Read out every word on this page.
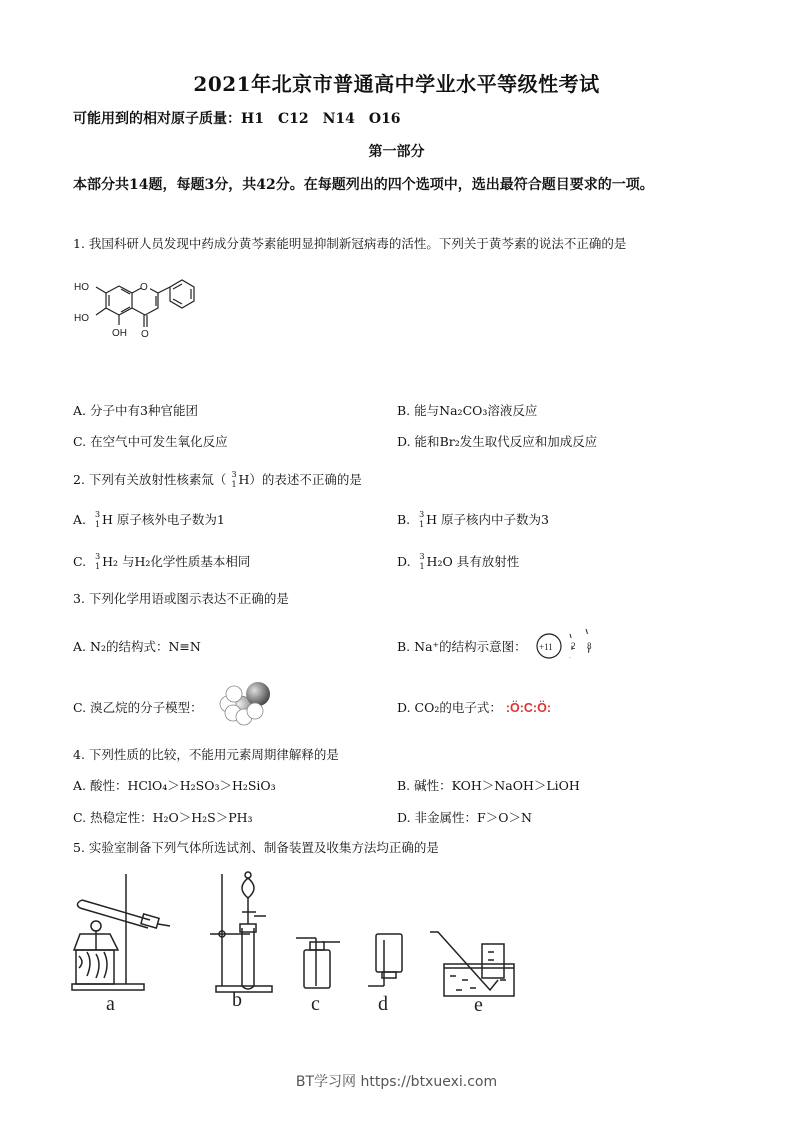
2021年北京市普通高中学业水平等级性考试
可能用到的相对原子质量：H1 C12 N14 O16
第一部分
本部分共14题，每题3分，共42分。在每题列出的四个选项中，选出最符合题目要求的一项。
1. 我国科研人员发现中药成分黄芩素能明显抑制新冠病毒的活性。下列关于黄芩素的说法不正确的是
O
HO
HO
OH O
A. 分子中有3种官能团	B. 能与Na₂CO₃溶液反应
C. 在空气中可发生氧化反应	D. 能和Br₂发生取代反应和加成反应
2. 下列有关放射性核素氚（ 3
1 H）的表述不正确的是
A. 3
1 H 原子核外电子数为1	B. 3
1 H 原子核内中子数为3
C. 3
1 H₂ 与H₂化学性质基本相同	D. 3
1 H₂O 具有放射性
3. 下列化学用语或图示表达不正确的是
A. N₂的结构式：N≡N	B. Na⁺的结构示意图： +11 2 8
C. 溴乙烷的分子模型：	D. CO₂的电子式： :Ö:C:Ö:
4. 下列性质的比较，不能用元素周期律解释的是
A. 酸性：HClO₄＞H₂SO₃＞H₂SiO₃	B. 碱性：KOH＞NaOH＞LiOH
C. 热稳定性：H₂O＞H₂S＞PH₃	D. 非金属性：F＞O＞N
5. 实验室制备下列气体所选试剂、制备装置及收集方法均正确的是
a	b	c	d	e
BT学习网 https://btxuexi.com
